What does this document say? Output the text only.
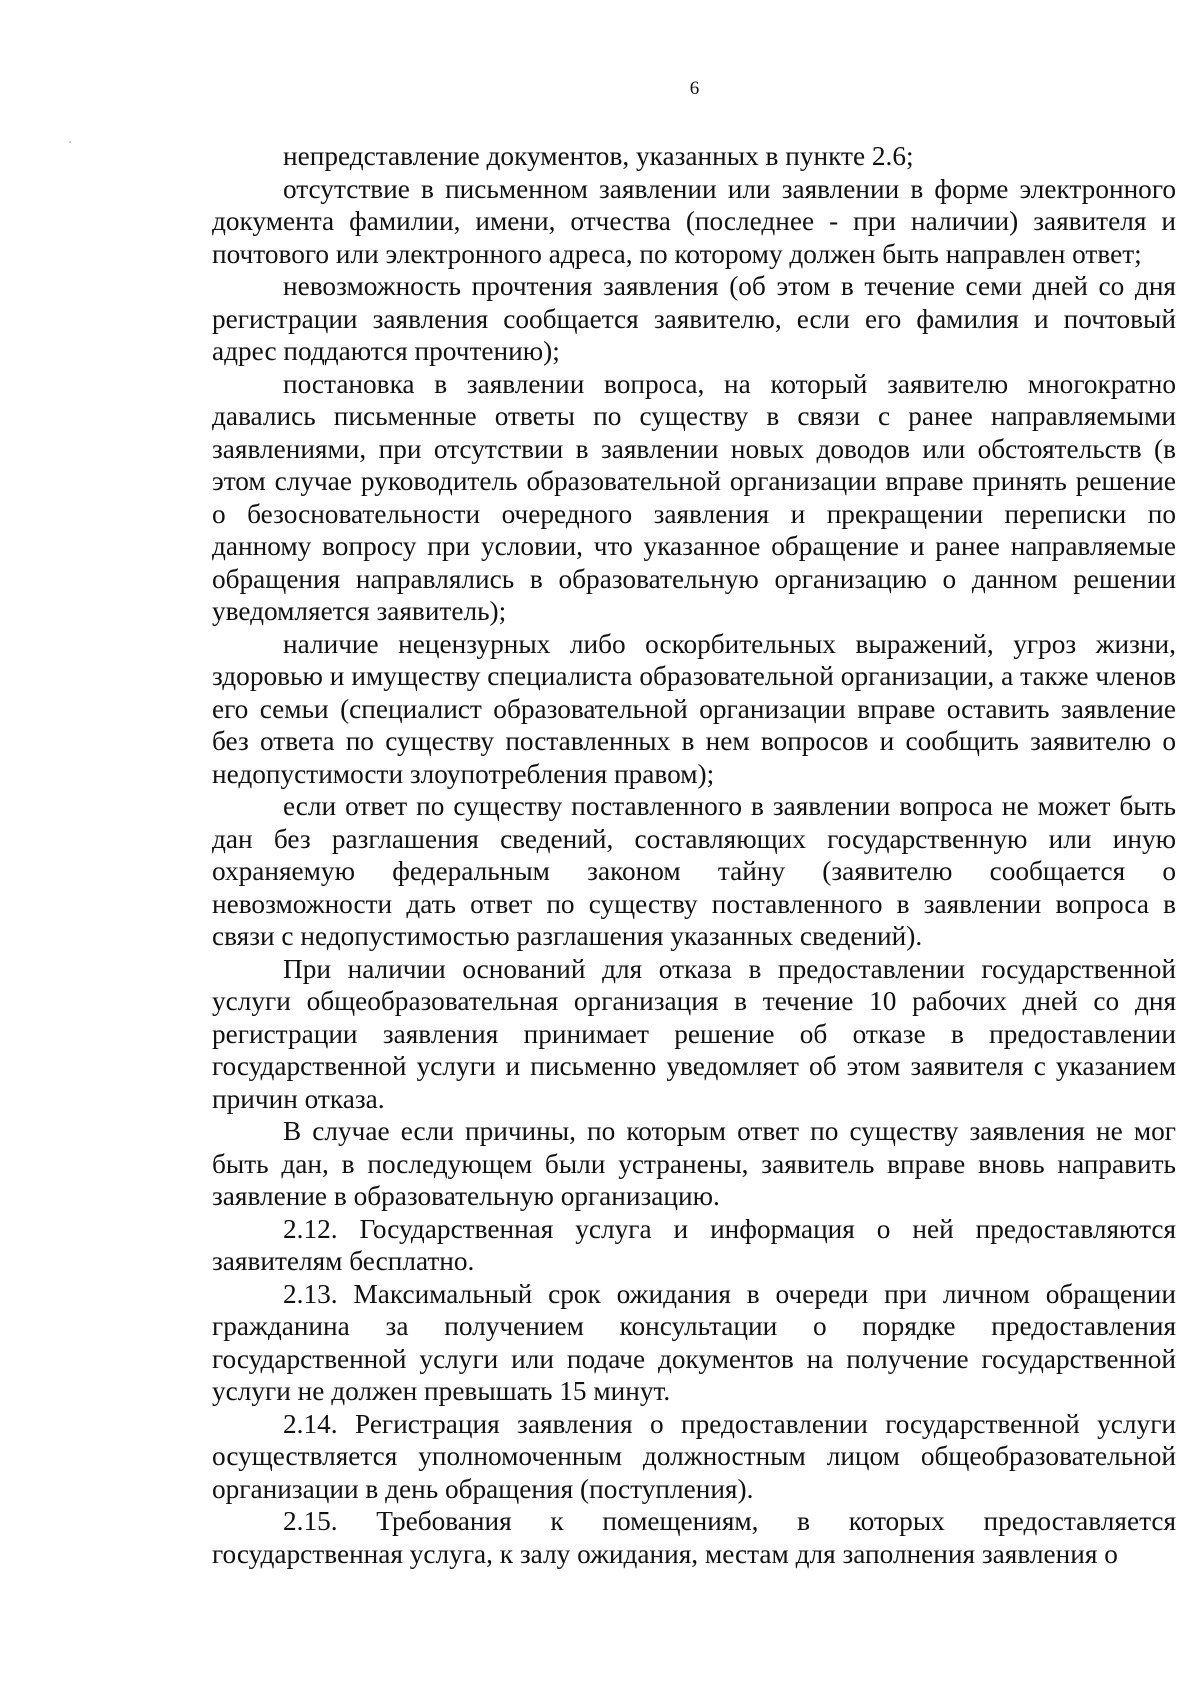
6

непредставление документов, указанных в пункте 2.6;

отсутствие в письменном заявлении или заявлении в форме электронного документа фамилии, имени, отчества (последнее - при наличии) заявителя и почтового или электронного адреса, по которому должен быть направлен ответ;

невозможность прочтения заявления (об этом в течение семи дней со дня регистрации заявления сообщается заявителю, если его фамилия и почтовый адрес поддаются прочтению);

постановка в заявлении вопроса, на который заявителю многократно давались письменные ответы по существу в связи с ранее направляемыми заявлениями, при отсутствии в заявлении новых доводов или обстоятельств (в этом случае руководитель образовательной организации вправе принять решение о безосновательности очередного заявления и прекращении переписки по данному вопросу при условии, что указанное обращение и ранее направляемые обращения направлялись в образовательную организацию о данном решении уведомляется заявитель);

наличие нецензурных либо оскорбительных выражений, угроз жизни, здоровью и имуществу специалиста образовательной организации, а также членов его семьи (специалист образовательной организации вправе оставить заявление без ответа по существу поставленных в нем вопросов и сообщить заявителю о недопустимости злоупотребления правом);

если ответ по существу поставленного в заявлении вопроса не может быть дан без разглашения сведений, составляющих государственную или иную охраняемую федеральным законом тайну (заявителю сообщается о невозможности дать ответ по существу поставленного в заявлении вопроса в связи с недопустимостью разглашения указанных сведений).

При наличии оснований для отказа в предоставлении государственной услуги общеобразовательная организация в течение 10 рабочих дней со дня регистрации заявления принимает решение об отказе в предоставлении государственной услуги и письменно уведомляет об этом заявителя с указанием причин отказа.

В случае если причины, по которым ответ по существу заявления не мог быть дан, в последующем были устранены, заявитель вправе вновь направить заявление в образовательную организацию.

2.12. Государственная услуга и информация о ней предоставляются заявителям бесплатно.

2.13. Максимальный срок ожидания в очереди при личном обращении гражданина за получением консультации о порядке предоставления государственной услуги или подаче документов на получение государственной услуги не должен превышать 15 минут.

2.14. Регистрация заявления о предоставлении государственной услуги осуществляется уполномоченным должностным лицом общеобразовательной организации в день обращения (поступления).

2.15. Требования к помещениям, в которых предоставляется государственная услуга, к залу ожидания, местам для заполнения заявления о
